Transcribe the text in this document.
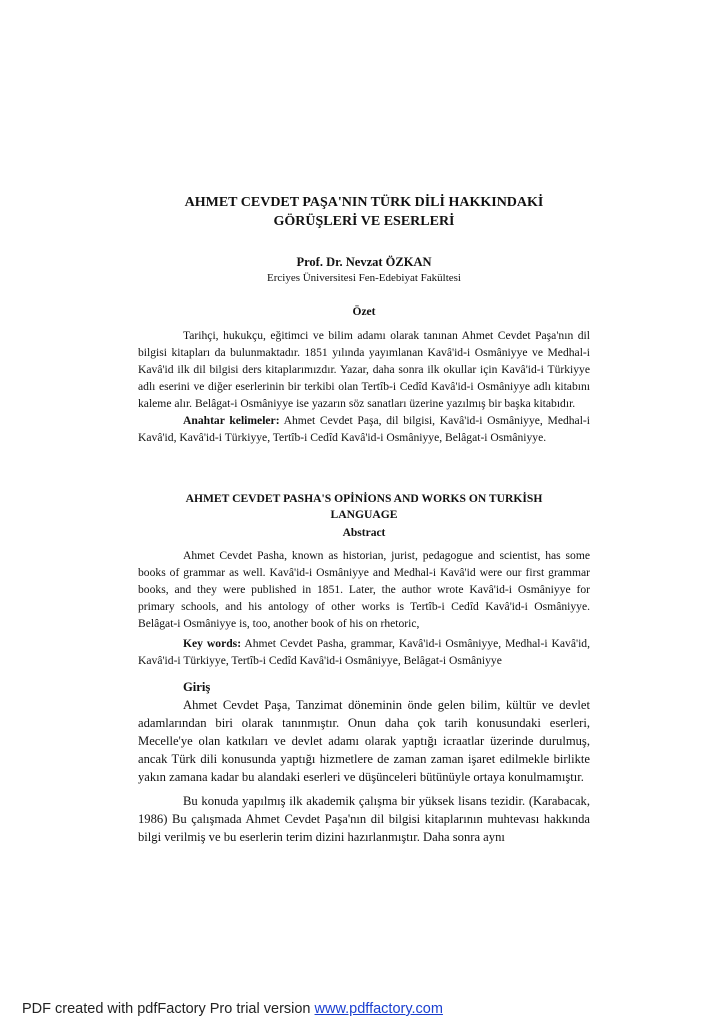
AHMET CEVDET PAŞA'NIN TÜRK DİLİ HAKKINDAKİ
GÖRÜŞLERİ VE ESERLERİ
Prof. Dr. Nevzat ÖZKAN
Erciyes Üniversitesi Fen-Edebiyat Fakültesi
Özet

Tarihçi, hukukçu, eğitimci ve bilim adamı olarak tanınan Ahmet Cevdet Paşa'nın dil bilgisi kitapları da bulunmaktadır. 1851 yılında yayımlanan Kavâ'id-i Osmâniyye ve Medhal-i Kavâ'id ilk dil bilgisi ders kitaplarımızdır. Yazar, daha sonra ilk okullar için Kavâ'id-i Türkiyye adlı eserini ve diğer eserlerinin bir terkibi olan Tertîb-i Cedîd Kavâ'id-i Osmâniyye adlı kitabını kaleme alır. Belâgat-i Osmâniyye ise yazarın söz sanatları üzerine yazılmış bir başka kitabıdır.

Anahtar kelimeler: Ahmet Cevdet Paşa, dil bilgisi, Kavâ'id-i Osmâniyye, Medhal-i Kavâ'id, Kavâ'id-i Türkiyye, Tertîb-i Cedîd Kavâ'id-i Osmâniyye, Belâgat-i Osmâniyye.

AHMET CEVDET PASHA'S OPİNİONS AND WORKS ON TURKİSH
LANGUAGE
Abstract

Ahmet Cevdet Pasha, known as historian, jurist, pedagogue and scientist, has some books of grammar as well. Kavâ'id-i Osmâniyye and Medhal-i Kavâ'id were our first grammar books, and they were published in 1851. Later, the author wrote Kavâ'id-i Osmâniyye for primary schools, and his antology of other works is Tertîb-i Cedîd Kavâ'id-i Osmâniyye. Belâgat-i Osmâniyye is, too, another book of his on rhetoric,

Key words: Ahmet Cevdet Pasha, grammar, Kavâ'id-i Osmâniyye, Medhal-i Kavâ'id, Kavâ'id-i Türkiyye, Tertîb-i Cedîd Kavâ'id-i Osmâniyye, Belâgat-i Osmâniyye

Giriş

Ahmet Cevdet Paşa, Tanzimat döneminin önde gelen bilim, kültür ve devlet adamlarından biri olarak tanınmıştır. Onun daha çok tarih konusundaki eserleri, Mecelle'ye olan katkıları ve devlet adamı olarak yaptığı icraatlar üzerinde durulmuş, ancak Türk dili konusunda yaptığı hizmetlere de zaman zaman işaret edilmekle birlikte yakın zamana kadar bu alandaki eserleri ve düşünceleri bütünüyle ortaya konulmamıştır.

Bu konuda yapılmış ilk akademik çalışma bir yüksek lisans tezidir. (Karabacak, 1986) Bu çalışmada Ahmet Cevdet Paşa'nın dil bilgisi kitaplarının muhtevası hakkında bilgi verilmiş ve bu eserlerin terim dizini hazırlanmıştır. Daha sonra aynı

PDF created with pdfFactory Pro trial version www.pdffactory.com
